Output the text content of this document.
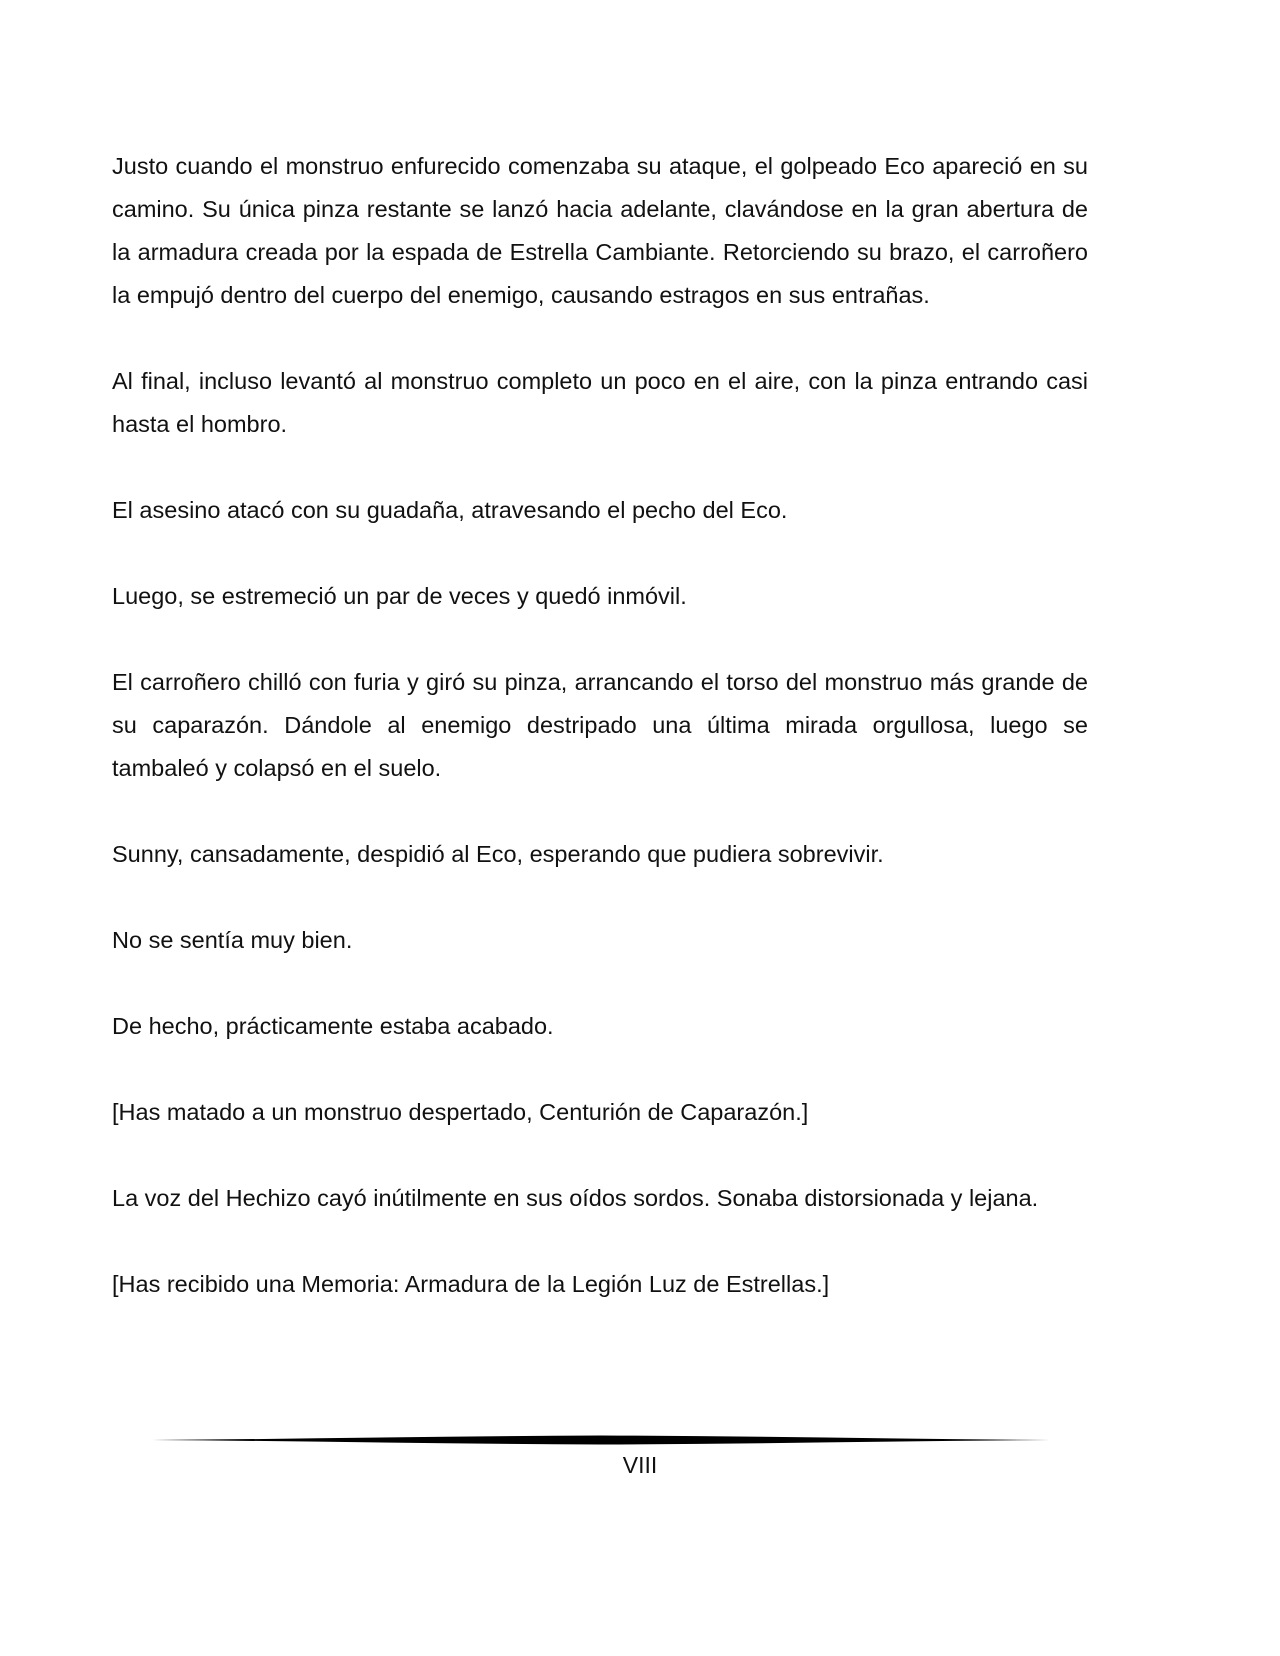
Justo cuando el monstruo enfurecido comenzaba su ataque, el golpeado Eco apareció en su camino. Su única pinza restante se lanzó hacia adelante, clavándose en la gran abertura de la armadura creada por la espada de Estrella Cambiante. Retorciendo su brazo, el carroñero la empujó dentro del cuerpo del enemigo, causando estragos en sus entrañas.

Al final, incluso levantó al monstruo completo un poco en el aire, con la pinza entrando casi hasta el hombro.

El asesino atacó con su guadaña, atravesando el pecho del Eco.

Luego, se estremeció un par de veces y quedó inmóvil.

El carroñero chilló con furia y giró su pinza, arrancando el torso del monstruo más grande de su caparazón. Dándole al enemigo destripado una última mirada orgullosa, luego se tambaleó y colapsó en el suelo.

Sunny, cansadamente, despidió al Eco, esperando que pudiera sobrevivir.

No se sentía muy bien.

De hecho, prácticamente estaba acabado.

[Has matado a un monstruo despertado, Centurión de Caparazón.]

La voz del Hechizo cayó inútilmente en sus oídos sordos. Sonaba distorsionada y lejana.

[Has recibido una Memoria: Armadura de la Legión Luz de Estrellas.]

VIII
